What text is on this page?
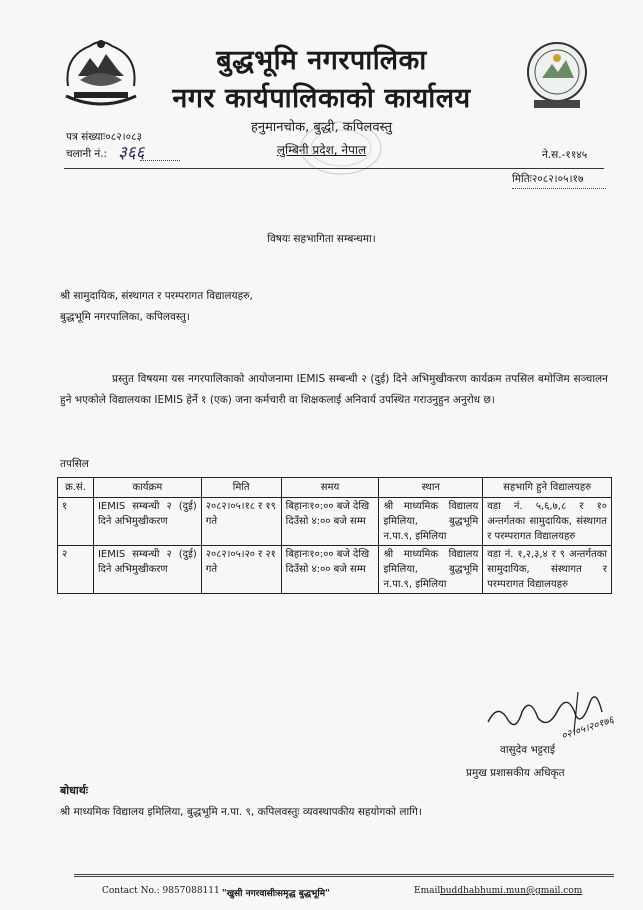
बुद्धभूमि नगरपालिका
नगर कार्यपालिकाको कार्यालय
हनुमानचोक, बुद्धी, कपिलवस्तु
लुम्बिनी प्रदेश, नेपाल
पत्र संख्याः०८२।०८३
चलानी नं.: ३६६	ने.स.-११४५
मितिः२०८२।०५।१७
विषयः सहभागिता सम्बन्धमा।
श्री सामुदायिक, संस्थागत र परम्परागत विद्यालयहरु,
बुद्धभूमि नगरपालिका, कपिलवस्तु।
प्रस्तुत विषयमा यस नगरपालिकाको आयोजनामा IEMIS सम्बन्धी २ (दुई) दिने अभिमुखीकरण कार्यक्रम तपसिल बमोजिम सञ्चालन हुने भएकोले विद्यालयका IEMIS हेर्ने १ (एक) जना कर्मचारी वा शिक्षकलाई अनिवार्य उपस्थित गराउनुहुन अनुरोध छ।
तपसिल
क्र.सं.	कार्यक्रम	मिति	समय	स्थान	सहभागि हुने विद्यालयहरु
१	IEMIS सम्बन्धी २ (दुई) दिने अभिमुखीकरण	२०८२।०५।१८ र १९ गते	बिहानः१०:०० बजे देखि दिउँसो ४:०० बजे सम्म	श्री माध्यमिक विद्यालय इमिलिया, बुद्धभूमि न.पा.९, इमिलिया	वडा नं. ५,६,७,८ र १० अन्तर्गतका सामुदायिक, संस्थागत र परम्परागत विद्यालयहरु
२	IEMIS सम्बन्धी २ (दुई) दिने अभिमुखीकरण	२०८२।०५।२० र २१ गते	बिहानः१०:०० बजे देखि दिउँसो ४:०० बजे सम्म	श्री माध्यमिक विद्यालय इमिलिया, बुद्धभूमि न.पा.९, इमिलिया	वडा नं. १,२,३,४ र ९ अन्तर्गतका सामुदायिक, संस्थागत र परम्परागत विद्यालयहरु
०२।०५।२०१७६
वासुदेव भट्टराई
प्रमुख प्रशासकीय अधिकृत
बोधार्थः
श्री माध्यमिक विद्यालय इमिलिया, बुद्धभूमि न.पा. ९, कपिलवस्तुः व्यवस्थापकीय सहयोगको लागि।
Contact No.: 9857088111 "खुसी नगरवासीःसमृद्ध बुद्धभूमि"	Email:
buddhabhumi.mun@gmail.com
